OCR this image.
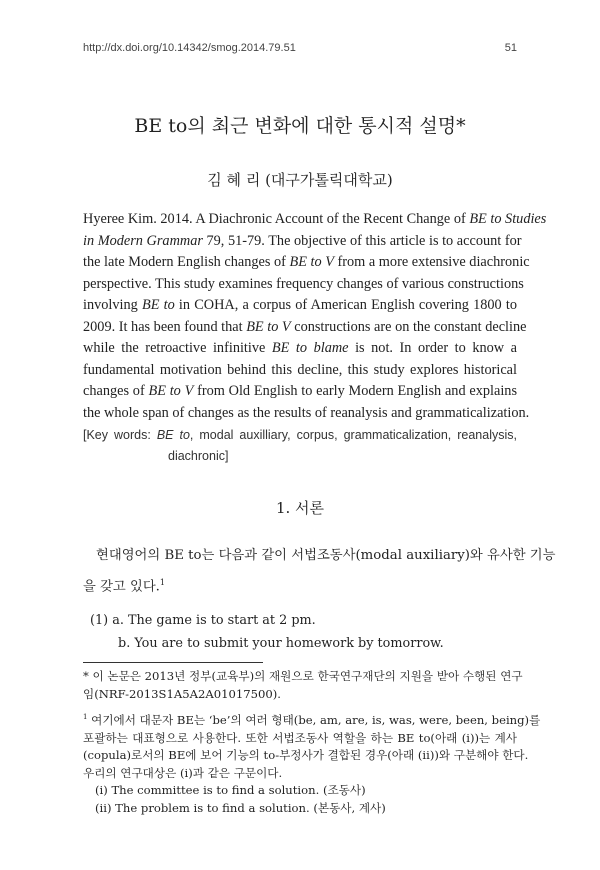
http://dx.doi.org/10.14342/smog.2014.79.51	51
BE to의 최근 변화에 대한 통시적 설명*
김 혜 리 (대구가톨릭대학교)
Hyeree Kim. 2014. A Diachronic Account of the Recent Change of BE to Studies
in Modern Grammar 79, 51-79. The objective of this article is to account for
the late Modern English changes of BE to V from a more extensive diachronic
perspective. This study examines frequency changes of various constructions
involving BE to in COHA, a corpus of American English covering 1800 to
2009. It has been found that BE to V constructions are on the constant decline
while the retroactive infinitive BE to blame is not. In order to know a
fundamental motivation behind this decline, this study explores historical
changes of BE to V from Old English to early Modern English and explains
the whole span of changes as the results of reanalysis and grammaticalization.
[Key words: BE to, modal auxilliary, corpus, grammaticalization, reanalysis,
diachronic]
1. 서론
현대영어의 BE to는 다음과 같이 서법조동사(modal auxiliary)와 유사한 기능
을 갖고 있다.$^1$
(1) a. The game is to start at 2 pm.
b. You are to submit your homework by tomorrow.
* 이 논문은 2013년 정부(교육부)의 재원으로 한국연구재단의 지원을 받아 수행된 연구
임(NRF-2013S1A5A2A01017500).
$^1$ 여기에서 대문자 BE는 ‘be’의 여러 형태(be, am, are, is, was, were, been, being)를
포괄하는 대표형으로 사용한다. 또한 서법조동사 역할을 하는 BE to(아래 (i))는 계사
(copula)로서의 BE에 보어 기능의 to-부정사가 결합된 경우(아래 (ii))와 구분해야 한다.
우리의 연구대상은 (i)과 같은 구문이다.
(i) The committee is to find a solution. (조동사)
(ii) The problem is to find a solution. (본동사, 계사)
